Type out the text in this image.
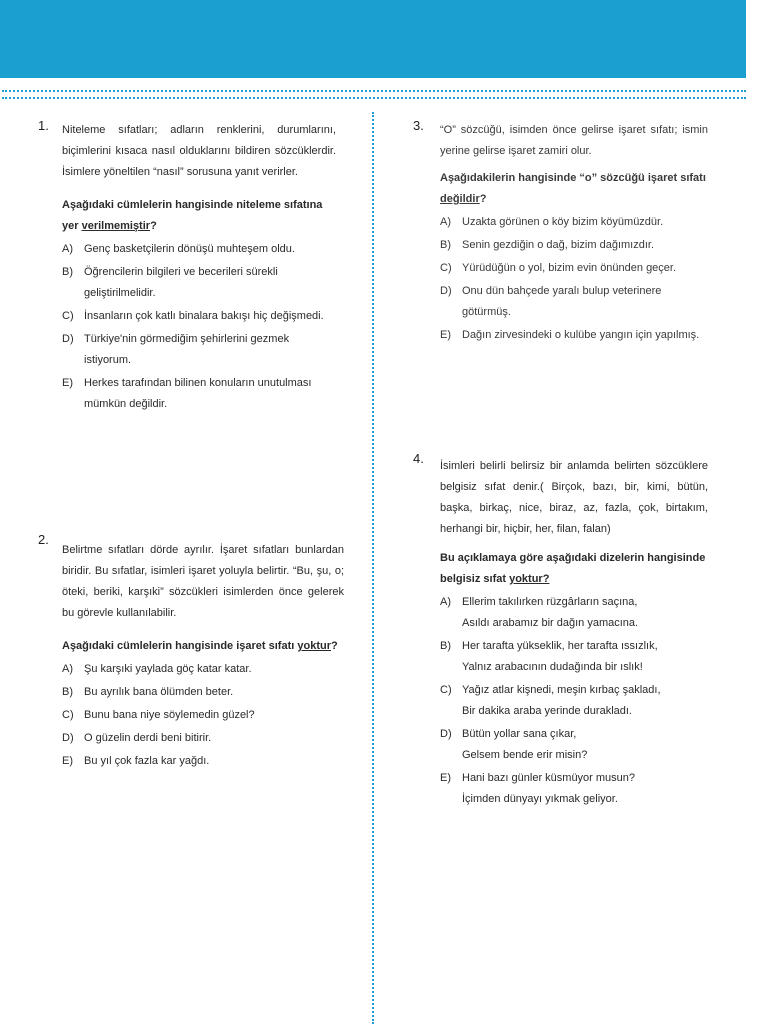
1. Niteleme sıfatları; adların renklerini, durumlarını, biçimlerini kısaca nasıl olduklarını bildiren sözcüklerdir. İsimlere yöneltilen “nasıl” sorusuna yanıt verirler.

Aşağıdaki cümlelerin hangisinde niteleme sıfatına yer verilmemiştir?

A)	Genç basketçilerin dönüşü muhteşem oldu.
B)	Öğrencilerin bilgileri ve becerileri sürekli geliştirilmelidir.
C) İnsanların çok katlı binalara bakışı hiç değişmedi.
D) Türkiye'nin görmediğim şehirlerini gezmek istiyorum.
E)	Herkes tarafından bilinen konuların unutulması mümkün değildir.
2.

Belirtme sıfatları dörde ayrılır. İşaret sıfatları bunlardan biridir. Bu sıfatlar, isimleri işaret yoluyla belirtir. “Bu, şu, o; öteki, beriki, karşıki” sözcükleri isimlerden önce gelerek bu görevle kullanılabilir.

Aşağıdaki cümlelerin hangisinde işaret sıfatı yoktur?

A)	Şu karşıki yaylada göç katar katar.
B)	Bu ayrılık bana ölümden beter.
C) Bunu bana niye söylemedin güzel?
D) O güzelin derdi beni bitirir.
E)	Bu yıl çok fazla kar yağdı.
3. “O” sözcüğü, isimden önce gelirse işaret sıfatı; ismin yerine gelirse işaret zamiri olur.

Aşağıdakilerin hangisinde “o” sözcüğü işaret sıfatı değildir?

A)	Uzakta görünen o köy bizim köyümüzdür.
B)	Senin gezdiğin o dağ, bizim dağımızdır.
C) Yürüdüğün o yol, bizim evin önünden geçer.
D) Onu dün bahçede yaralı bulup veterinere götürmüş.
E)	Dağın zirvesindeki o kulübe yangın için yapılmış.
4. İsimleri belirli belirsiz bir anlamda belirten sözcüklere belgisiz sıfat denir.( Birçok, bazı, bir, kimi, bütün, başka, birkaç, nice, biraz, az, fazla, çok, birtakım, herhangi bir, hiçbir, her, filan, falan)

Bu açıklamaya göre aşağıdaki dizelerin hangisinde belgisiz sıfat yoktur?

A)	Ellerim takılırken rüzgârların saçına,
Asıldı arabamız bir dağın yamacına.
B)	Her tarafta yükseklik, her tarafta ıssızlık,
Yalnız arabacının dudağında bir ıslık!
C) Yağız atlar kişnedi, meşin kırbaç şakladı,
Bir dakika araba yerinde durakladı.
D) Bütün yollar sana çıkar,
Gelsem bende erir misin?
E)	Hani bazı günler küsmüyor musun?
İçimden dünyayı yıkmak geliyor.
